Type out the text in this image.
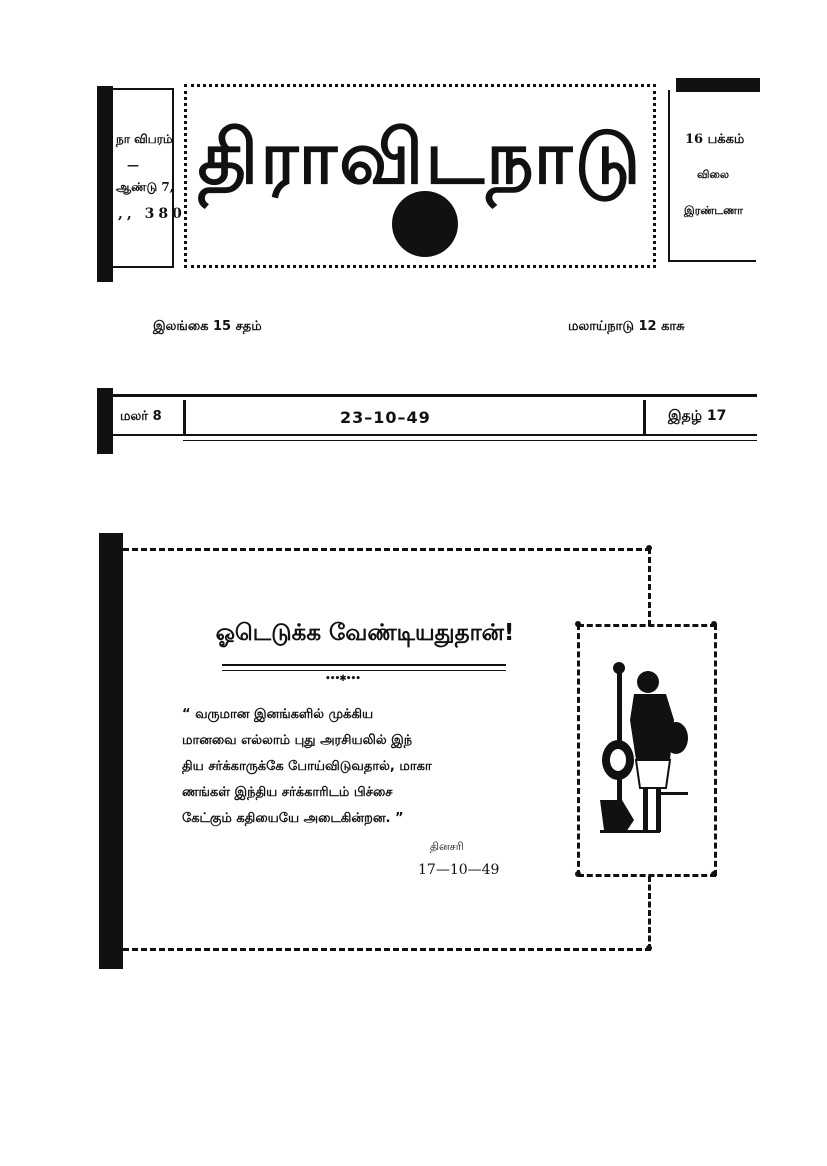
நா விபரம்
—
ஆண்டு 7,
,, 380
திராவிடநாடு	16 பக்கம்
விலை
இரண்டணா
இலங்கை 15 சதம்	மலாய்நாடு 12 காசு
மலர் 8	23–10–49	இதழ் 17
ஓடெடுக்க வேண்டியதுதான்!
•••✱•••
“ வருமான இனங்களில் முக்கிய
மானவை எல்லாம் புது அரசியலில் இந்
திய சர்க்காருக்கே போய்விடுவதால், மாகா
ணங்கள் இந்திய சர்க்காரிடம் பிச்சை
கேட்கும் கதியையே அடைகின்றன. ”
தினசரி
17—10—49
